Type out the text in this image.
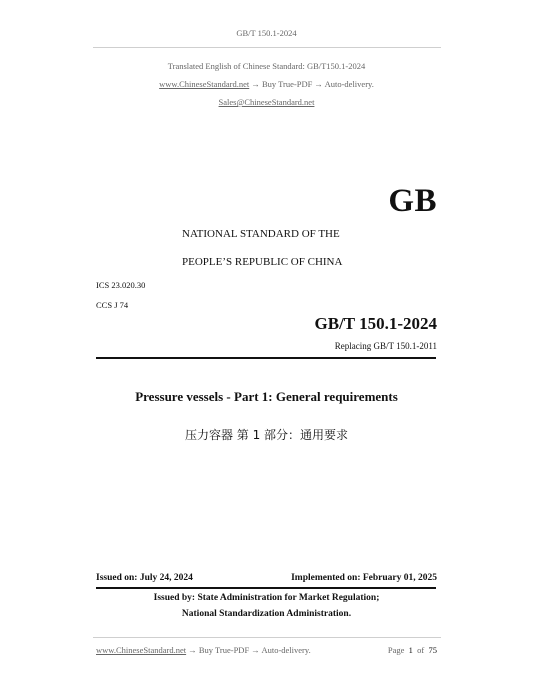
GB/T 150.1-2024
Translated English of Chinese Standard: GB/T150.1-2024
www.ChineseStandard.net → Buy True-PDF → Auto-delivery.
Sales@ChineseStandard.net
GB
NATIONAL STANDARD OF THE
PEOPLE’S REPUBLIC OF CHINA
ICS 23.020.30
CCS J 74
GB/T 150.1-2024
Replacing GB/T 150.1-2011
Pressure vessels - Part 1: General requirements
压力容器 第 1 部分：通用要求
Issued on: July 24, 2024	Implemented on: February 01, 2025
Issued by: State Administration for Market Regulation;
National Standardization Administration.
www.ChineseStandard.net → Buy True-PDF → Auto-delivery.	Page 1 of 75
